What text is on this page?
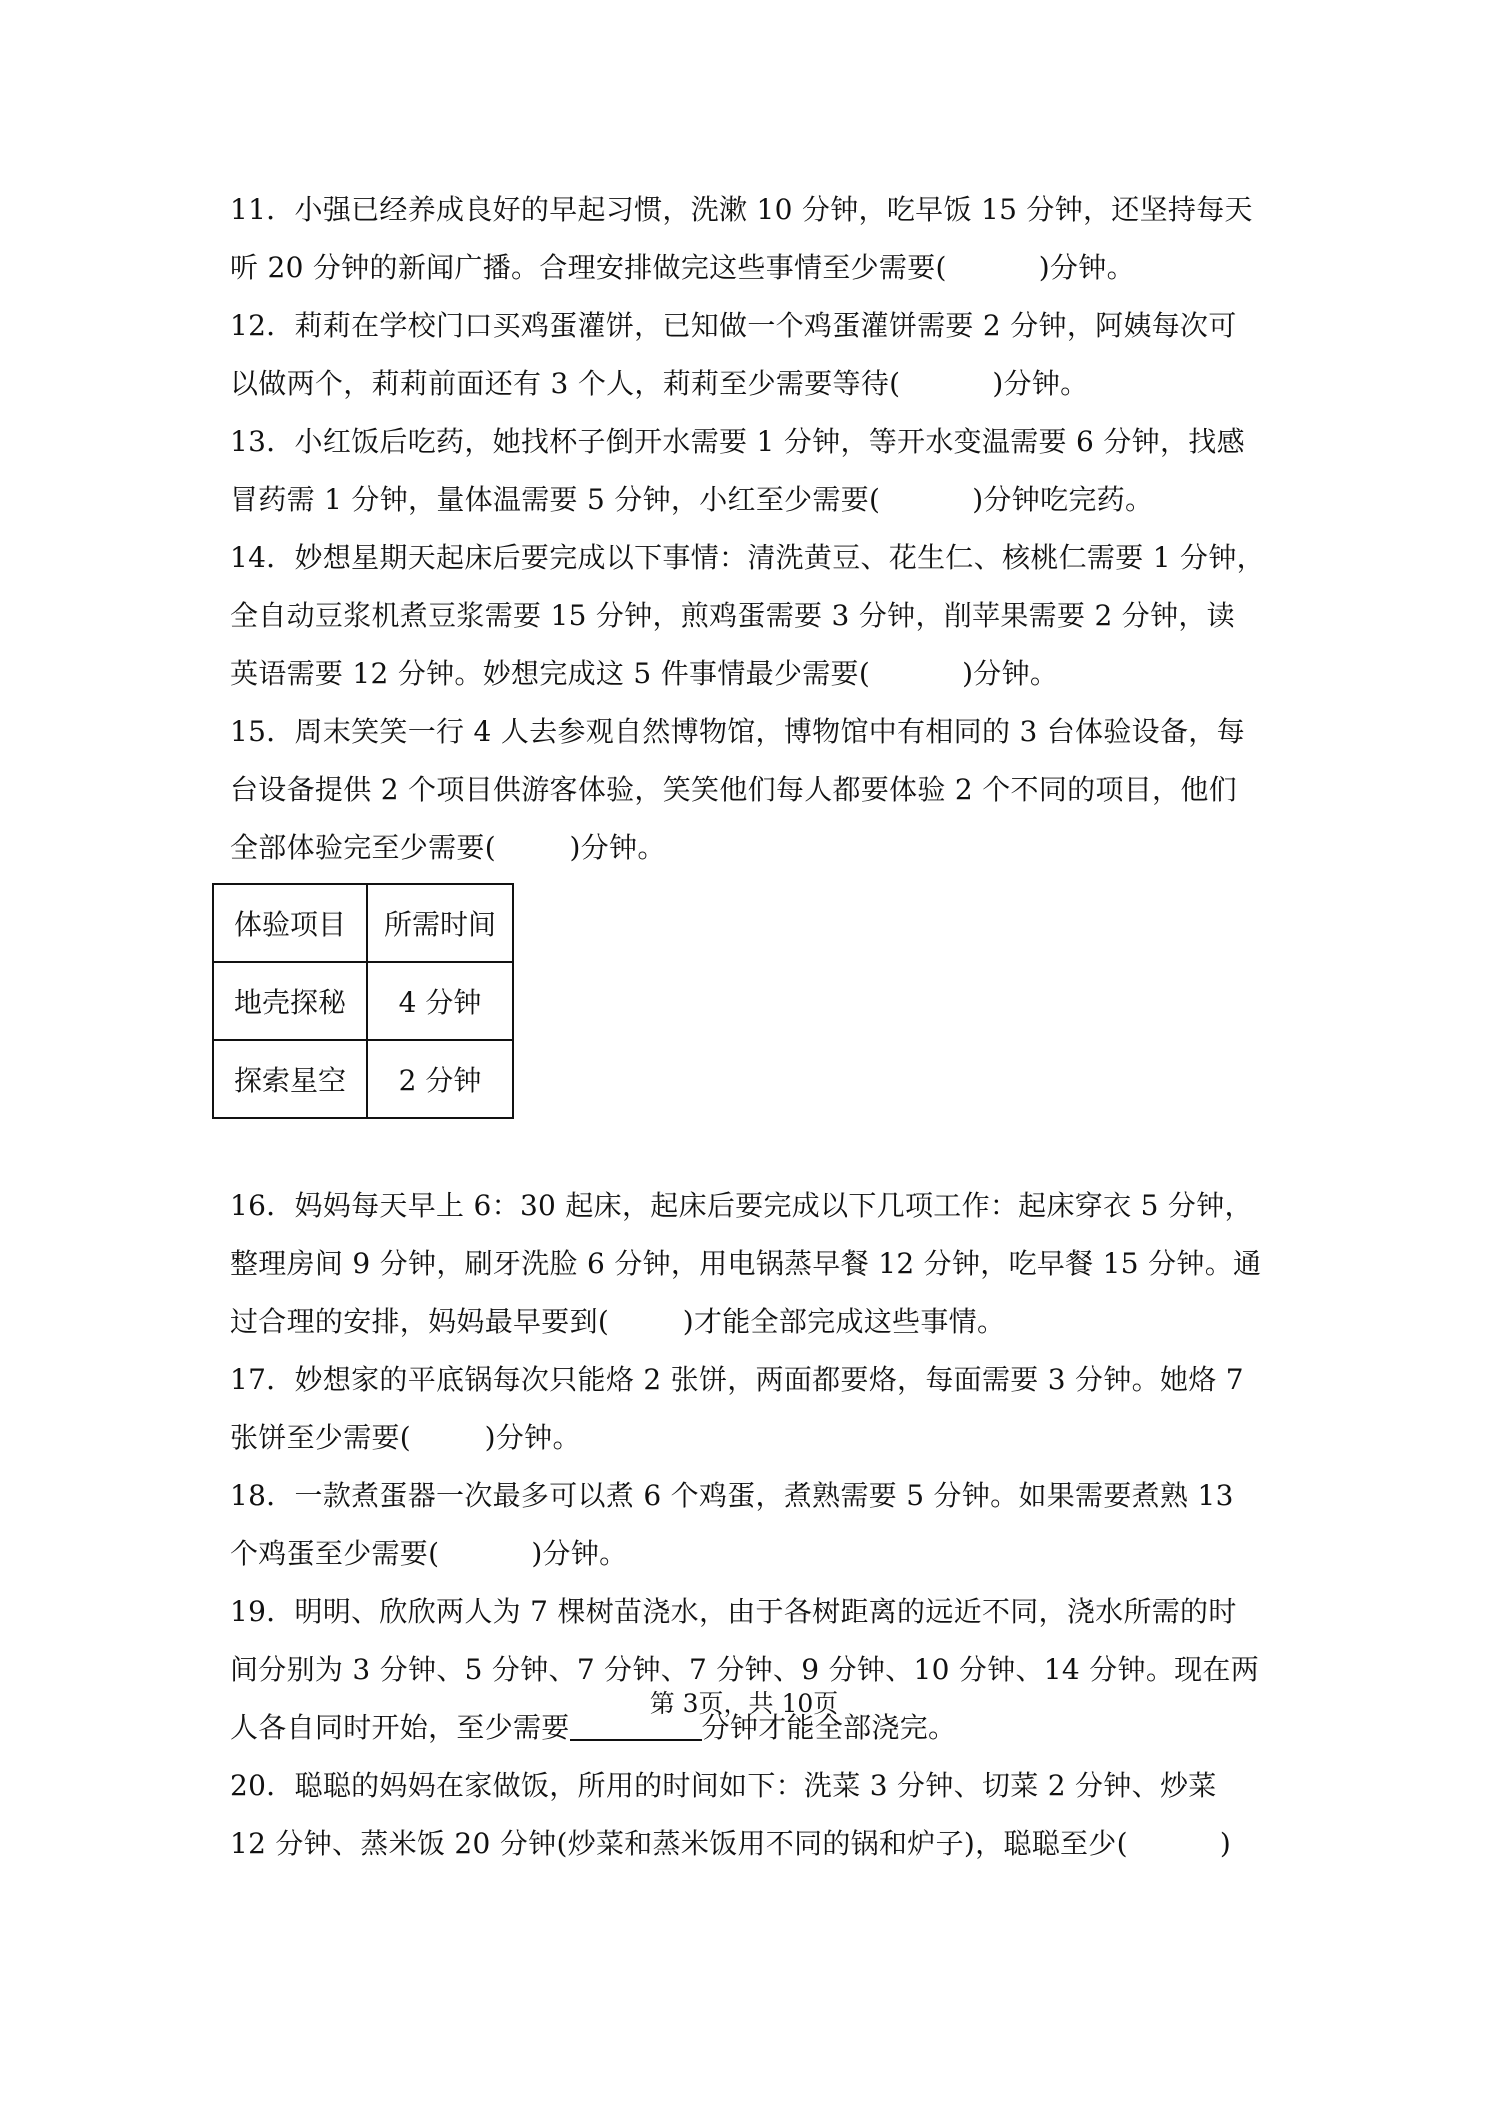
11．小强已经养成良好的早起习惯，洗漱 10 分钟，吃早饭 15 分钟，还坚持每天

听 20 分钟的新闻广播。合理安排做完这些事情至少需要(          )分钟。

12．莉莉在学校门口买鸡蛋灌饼，已知做一个鸡蛋灌饼需要 2 分钟，阿姨每次可

以做两个，莉莉前面还有 3 个人，莉莉至少需要等待(          )分钟。

13．小红饭后吃药，她找杯子倒开水需要 1 分钟，等开水变温需要 6 分钟，找感

冒药需 1 分钟，量体温需要 5 分钟，小红至少需要(          )分钟吃完药。

14．妙想星期天起床后要完成以下事情：清洗黄豆、花生仁、核桃仁需要 1 分钟，

全自动豆浆机煮豆浆需要 15 分钟，煎鸡蛋需要 3 分钟，削苹果需要 2 分钟，读

英语需要 12 分钟。妙想完成这 5 件事情最少需要(          )分钟。

15．周末笑笑一行 4 人去参观自然博物馆，博物馆中有相同的 3 台体验设备，每

台设备提供 2 个项目供游客体验，笑笑他们每人都要体验 2 个不同的项目，他们

全部体验完至少需要(        )分钟。

16．妈妈每天早上 6：30 起床，起床后要完成以下几项工作：起床穿衣 5 分钟，

整理房间 9 分钟，刷牙洗脸 6 分钟，用电锅蒸早餐 12 分钟，吃早餐 15 分钟。通

过合理的安排，妈妈最早要到(        )才能全部完成这些事情。

17．妙想家的平底锅每次只能烙 2 张饼，两面都要烙，每面需要 3 分钟。她烙 7

张饼至少需要(        )分钟。

18．一款煮蛋器一次最多可以煮 6 个鸡蛋，煮熟需要 5 分钟。如果需要煮熟 13

个鸡蛋至少需要(          )分钟。

19．明明、欣欣两人为 7 棵树苗浇水，由于各树距离的远近不同，浇水所需的时

间分别为 3 分钟、5 分钟、7 分钟、7 分钟、9 分钟、10 分钟、14 分钟。现在两

人各自同时开始，至少需要	分钟才能全部浇完。

20．聪聪的妈妈在家做饭，所用的时间如下：洗菜 3 分钟、切菜 2 分钟、炒菜

12 分钟、蒸米饭 20 分钟(炒菜和蒸米饭用不同的锅和炉子)，聪聪至少(          )

体验项目	所需时间
地壳探秘	4 分钟
探索星空	2 分钟
第 3页，共 10页
